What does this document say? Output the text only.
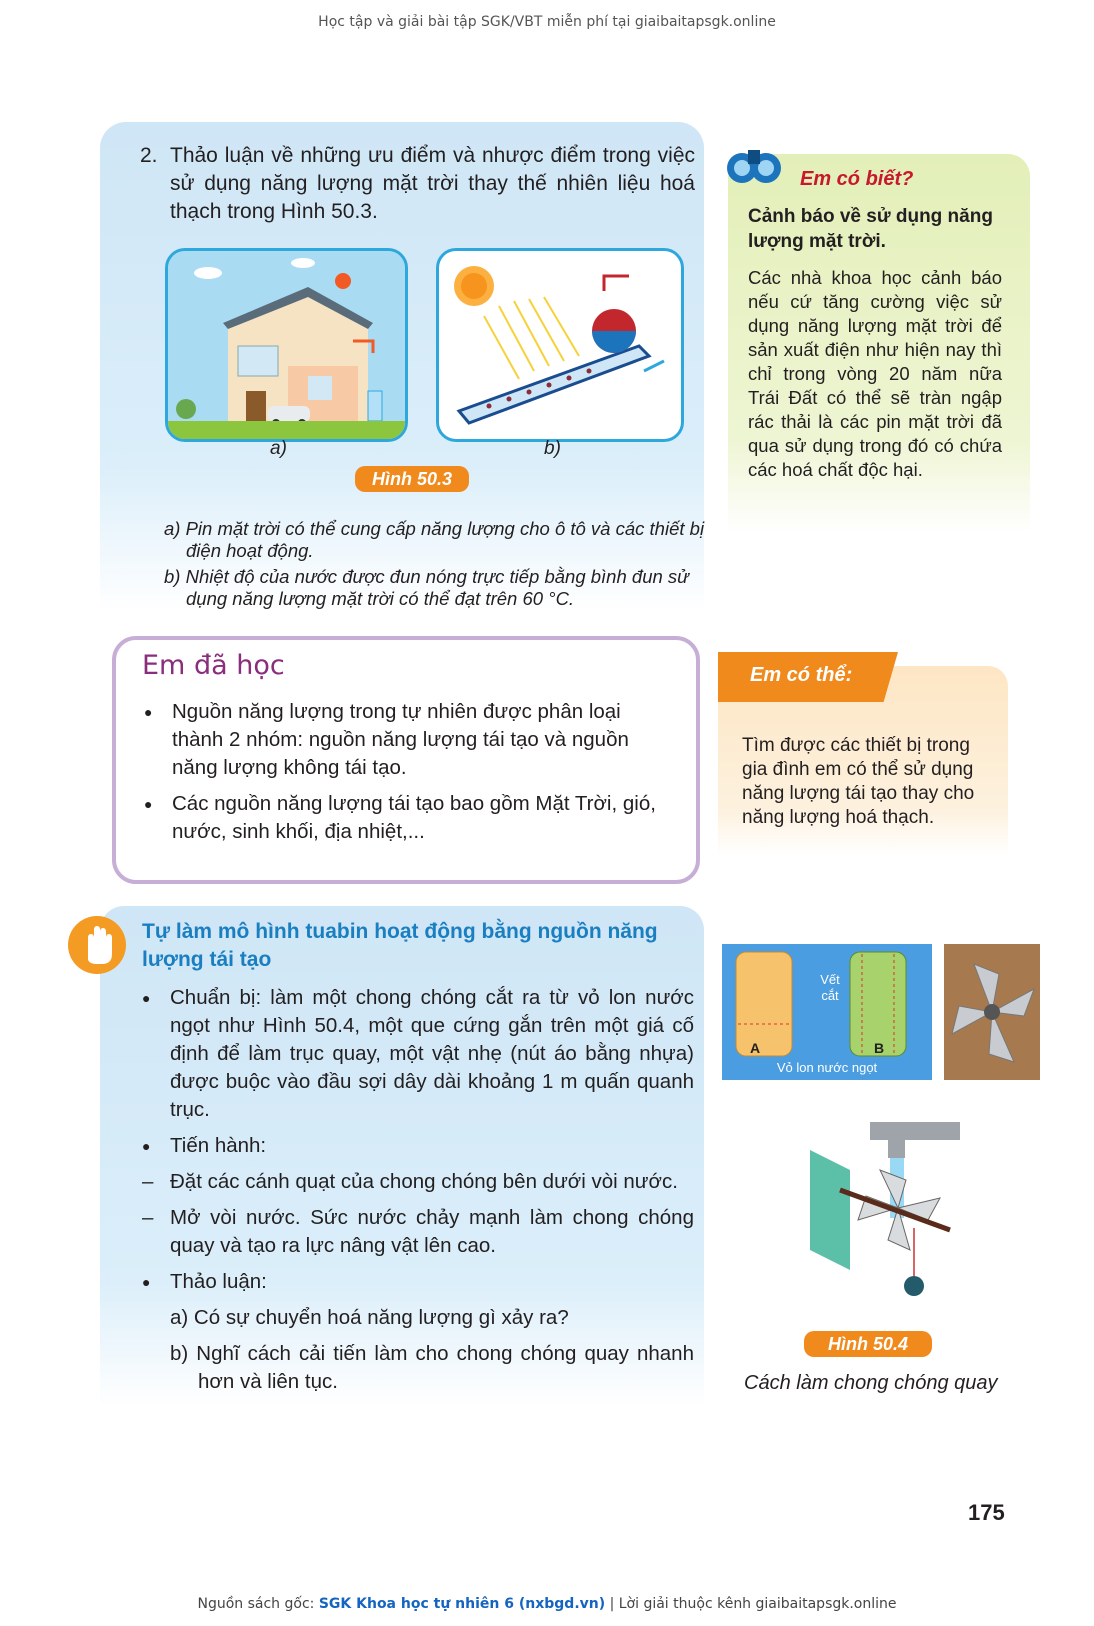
Học tập và giải bài tập SGK/VBT miễn phí tại giaibaitapsgk.online
2. Thảo luận về những ưu điểm và nhược điểm trong việc sử dụng năng lượng mặt trời thay thế nhiên liệu hoá thạch trong Hình 50.3.
a)	b)
Hình 50.3
a) Pin mặt trời có thể cung cấp năng lượng cho ô tô và các thiết bị điện hoạt động.
b) Nhiệt độ của nước được đun nóng trực tiếp bằng bình đun sử dụng năng lượng mặt trời có thể đạt trên 60 °C.
Em có biết?
Cảnh báo về sử dụng năng lượng mặt trời.
Các nhà khoa học cảnh báo nếu cứ tăng cường việc sử dụng năng lượng mặt trời để sản xuất điện như hiện nay thì chỉ trong vòng 20 năm nữa Trái Đất có thể sẽ tràn ngập rác thải là các pin mặt trời đã qua sử dụng trong đó có chứa các hoá chất độc hại.
Em đã học
● Nguồn năng lượng trong tự nhiên được phân loại thành 2 nhóm: nguồn năng lượng tái tạo và nguồn năng lượng không tái tạo.
● Các nguồn năng lượng tái tạo bao gồm Mặt Trời, gió, nước, sinh khối, địa nhiệt,...
Em có thể:
Tìm được các thiết bị trong gia đình em có thể sử dụng năng lượng tái tạo thay cho năng lượng hoá thạch.
Tự làm mô hình tuabin hoạt động bằng nguồn năng lượng tái tạo
● Chuẩn bị: làm một chong chóng cắt ra từ vỏ lon nước ngọt như Hình 50.4, một que cứng gắn trên một giá cố định để làm trục quay, một vật nhẹ (nút áo bằng nhựa) được buộc vào đầu sợi dây dài khoảng 1 m quấn quanh trục.
● Tiến hành:

– Đặt các cánh quạt của chong chóng bên dưới vòi nước.

– Mở vòi nước. Sức nước chảy mạnh làm chong chóng quay và tạo ra lực nâng vật lên cao.

● Thảo luận:

a) Có sự chuyển hoá năng lượng gì xảy ra?

b) Nghĩ cách cải tiến làm cho chong chóng quay nhanh hơn và liên tục.

Vết cắt
A	B
Vỏ lon nước ngọt
Hình 50.4
Cách làm chong chóng quay
175
Nguồn sách gốc: SGK Khoa học tự nhiên 6 (nxbgd.vn) | Lời giải thuộc kênh giaibaitapsgk.online
